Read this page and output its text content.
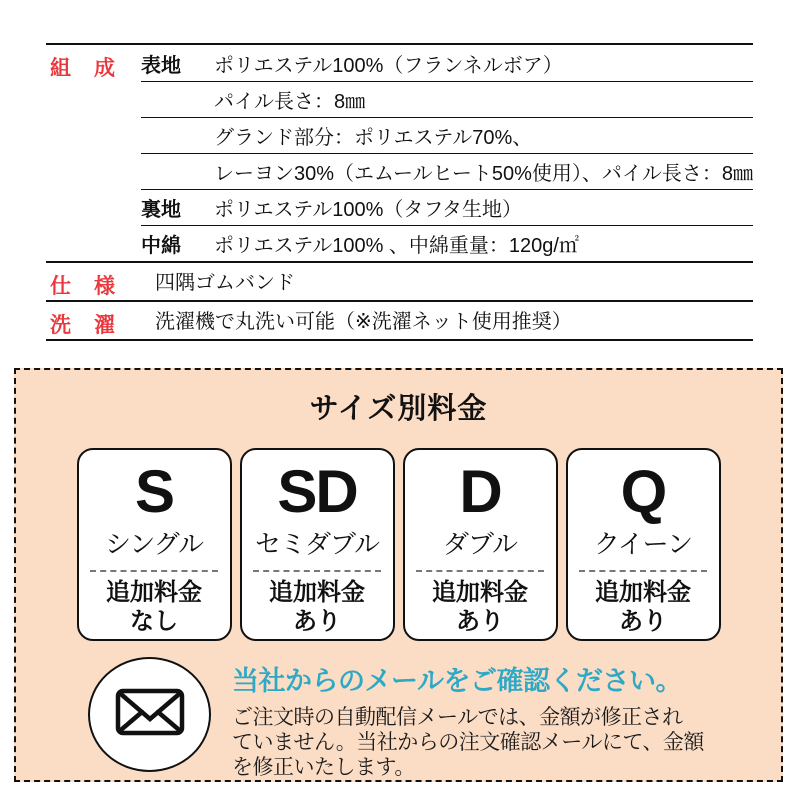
組　成	表地	ポリエステル100%（フランネルボア）
パイル長さ：8㎜
グランド部分：ポリエステル70%、
レーヨン30%（エムールヒート50%使用）、パイル長さ：8㎜
裏地	ポリエステル100%（タフタ生地）
中綿	ポリエステル100% 、中綿重量：120g/㎡
仕　様	四隅ゴムバンド
洗　濯	洗濯機で丸洗い可能（※洗濯ネット使用推奨）
サイズ別料金
S
シングル
追加料金
なし
SD
セミダブル
追加料金
あり
D
ダブル
追加料金
あり
Q
クイーン
追加料金
あり
当社からのメールをご確認ください。
ご注文時の自動配信メールでは、金額が修正され
ていません。当社からの注文確認メールにて、金額
を修正いたします。
